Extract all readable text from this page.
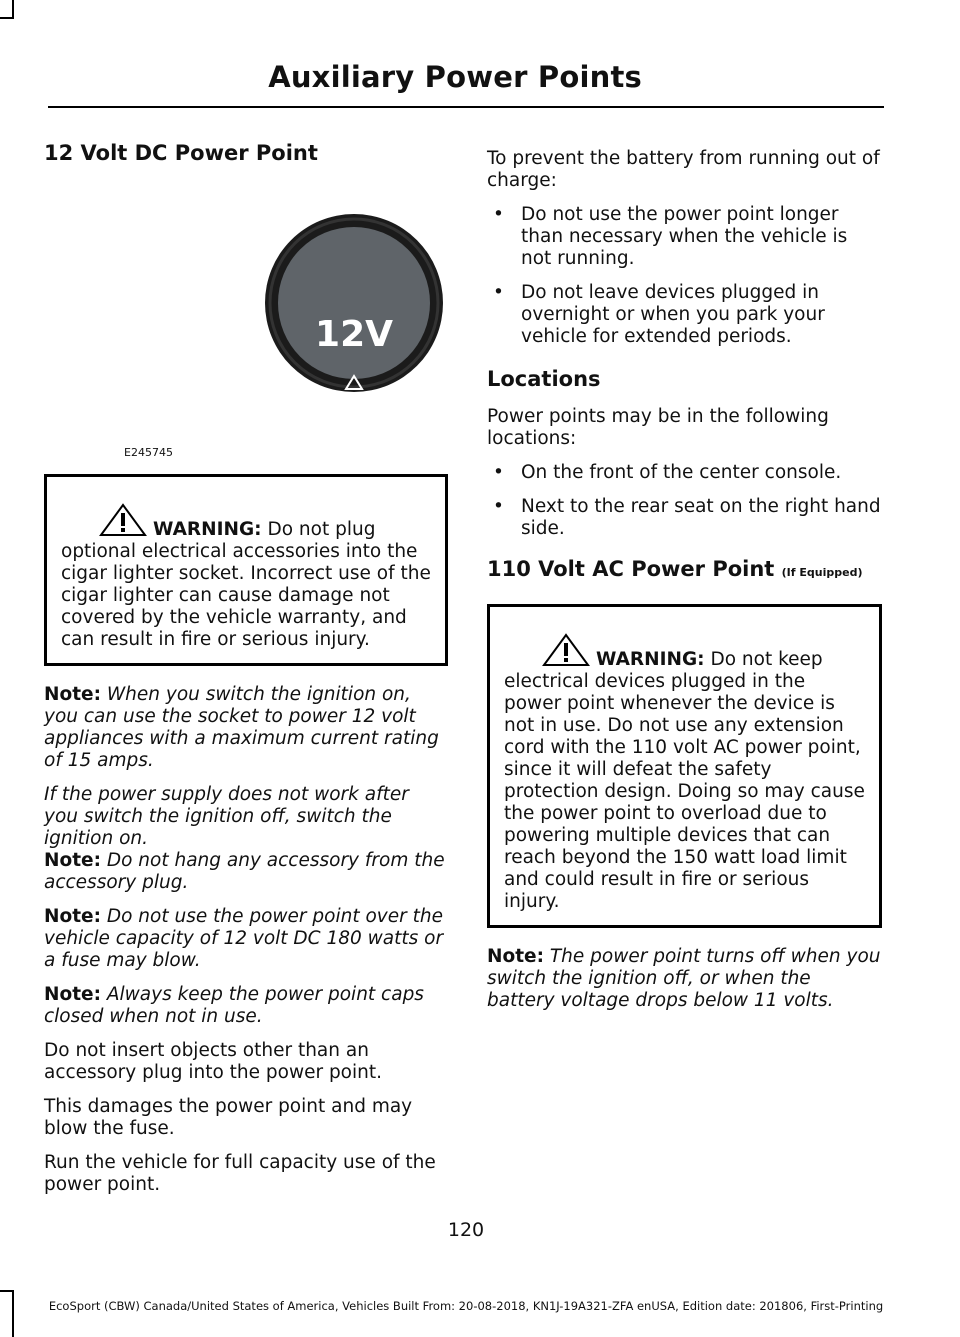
Auxiliary Power Points
12 Volt DC Power Point
12V
E245745

WARNING: Do not plug optional electrical accessories into the cigar lighter socket. Incorrect use of the cigar lighter can cause damage not covered by the vehicle warranty, and can result in fire or serious injury.

Note: When you switch the ignition on, you can use the socket to power 12 volt appliances with a maximum current rating of 15 amps.

If the power supply does not work after you switch the ignition off, switch the ignition on.

Note: Do not hang any accessory from the accessory plug.

Note: Do not use the power point over the vehicle capacity of 12 volt DC 180 watts or a fuse may blow.

Note: Always keep the power point caps closed when not in use.

Do not insert objects other than an accessory plug into the power point.

This damages the power point and may blow the fuse.

Run the vehicle for full capacity use of the power point.

To prevent the battery from running out of charge:

• Do not use the power point longer than necessary when the vehicle is not running.
• Do not leave devices plugged in overnight or when you park your vehicle for extended periods.
Locations

Power points may be in the following locations:

• On the front of the center console.
• Next to the rear seat on the right hand side.
110 Volt AC Power Point (If Equipped)

WARNING: Do not keep electrical devices plugged in the power point whenever the device is not in use. Do not use any extension cord with the 110 volt AC power point, since it will defeat the safety protection design. Doing so may cause the power point to overload due to powering multiple devices that can reach beyond the 150 watt load limit and could result in fire or serious injury.

Note: The power point turns off when you switch the ignition off, or when the battery voltage drops below 11 volts.

120
EcoSport (CBW) Canada/United States of America, Vehicles Built From: 20-08-2018, KN1J-19A321-ZFA enUSA, Edition date: 201806, First-Printing
